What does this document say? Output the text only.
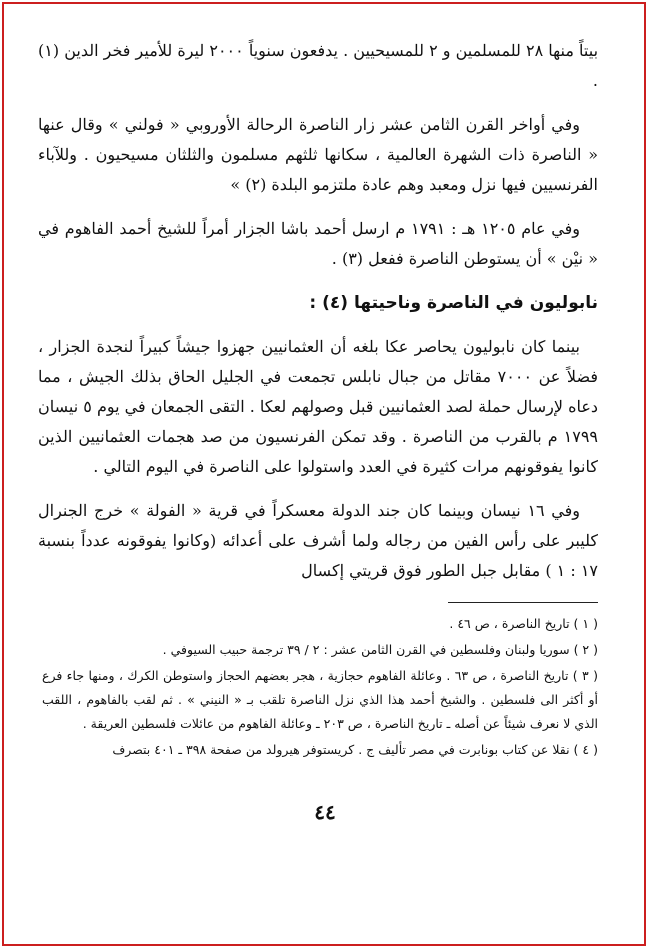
بيتاً منها ٢٨ للمسلمين و ٢ للمسيحيين . يدفعون سنوياً ٢٠٠٠ ليرة للأمير فخر الدين (١) .

وفي أواخر القرن الثامن عشر زار الناصرة الرحالة الأوروبي « فولني » وقال عنها « الناصرة ذات الشهرة العالمية ، سكانها ثلثهم مسلمون والثلثان مسيحيون . وللآباء الفرنسيين فيها نزل ومعبد وهم عادة ملتزمو البلدة (٢) »

وفي عام ١٢٠٥ هـ : ١٧٩١ م ارسل أحمد باشا الجزار أمراً للشيخ أحمد الفاهوم في « نيْن » أن يستوطن الناصرة ففعل (٣) .

نابوليون في الناصرة وناحيتها (٤) :

بينما كان نابوليون يحاصر عكا بلغه أن العثمانيين جهزوا جيشاً كبيراً لنجدة الجزار ، فضلاً عن ٧٠٠٠ مقاتل من جبال نابلس تجمعت في الجليل الحاق بذلك الجيش ، مما دعاه لإرسال حملة لصد العثمانيين قبل وصولهم لعكا . التقى الجمعان في يوم ٥ نيسان ١٧٩٩ م بالقرب من الناصرة . وقد تمكن الفرنسيون من صد هجمات العثمانيين الذين كانوا يفوقونهم مرات كثيرة في العدد واستولوا على الناصرة في اليوم التالي .

وفي ١٦ نيسان وبينما كان جند الدولة معسكراً في قرية « الفولة » خرج الجنرال كليبر على رأس الفين من رجاله ولما أشرف على أعدائه (وكانوا يفوقونه عدداً بنسبة ١٧ : ١ ) مقابل جبل الطور فوق قريتي إكسال

( ١ ) تاريخ الناصرة ، ص ٤٦ .

( ٢ ) سوريا ولبنان وفلسطين في القرن الثامن عشر : ٢ / ٣٩ ترجمة حبيب السيوفي .

( ٣ ) تاريخ الناصرة ، ص ٦٣ . وعائلة الفاهوم حجازية ، هجر بعضهم الحجاز واستوطن الكرك ، ومنها جاء فرع أو أكثر الى فلسطين . والشيخ أحمد هذا الذي نزل الناصرة تلقب بـ « النيني » . ثم لقب بالفاهوم ، اللقب الذي لا نعرف شيئاً عن أصله ـ تاريخ الناصرة ، ص ٢٠٣ ـ وعائلة الفاهوم من عائلات فلسطين العريقة .

( ٤ ) نقلا عن كتاب بونابرت في مصر تأليف ج . كريستوفر هيرولد من صفحة ٣٩٨ ـ ٤٠١ بتصرف

٤٤
